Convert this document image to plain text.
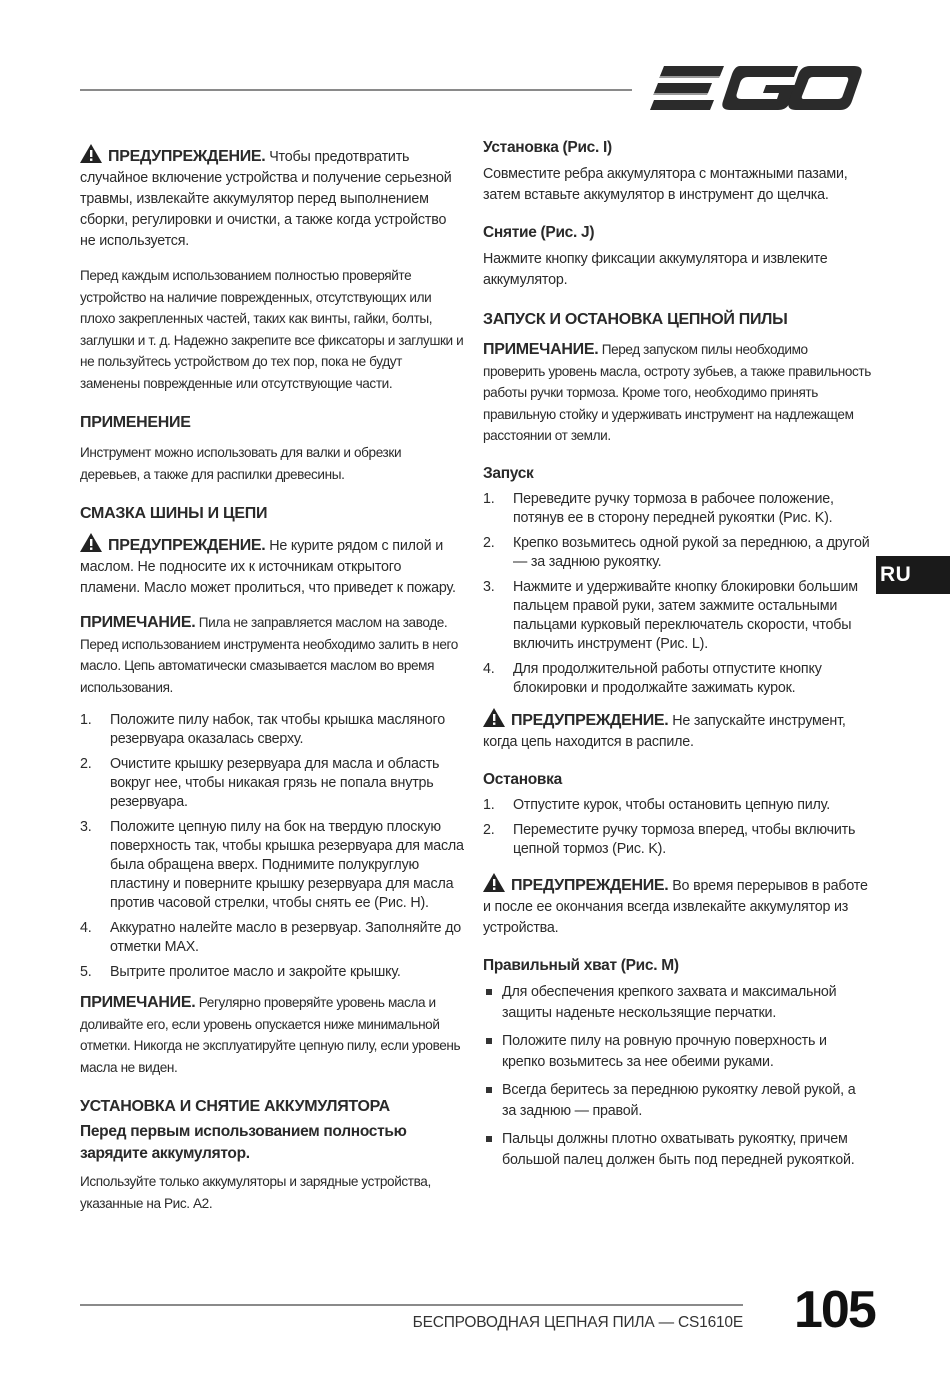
RU

ПРЕДУПРЕЖДЕНИЕ. Чтобы предотвратить случайное включение устройства и получение серьезной травмы, извлекайте аккумулятор перед выполнением сборки, регулировки и очистки, а также когда устройство не используется.

Перед каждым использованием полностью проверяйте устройство на наличие поврежденных, отсутствующих или плохо закрепленных частей, таких как винты, гайки, болты, заглушки и т. д. Надежно закрепите все фиксаторы и заглушки и не пользуйтесь устройством до тех пор, пока не будут заменены поврежденные или отсутствующие части.

ПРИМЕНЕНИЕ

Инструмент можно использовать для валки и обрезки деревьев, а также для распилки древесины.

СМАЗКА ШИНЫ И ЦЕПИ

ПРЕДУПРЕЖДЕНИЕ. Не курите рядом с пилой и маслом. Не подносите их к источникам открытого пламени. Масло может пролиться, что приведет к пожару.

ПРИМЕЧАНИЕ. Пила не заправляется маслом на заводе. Перед использованием инструмента необходимо залить в него масло. Цепь автоматически смазывается маслом во время использования.

1. Положите пилу набок, так чтобы крышка масляного резервуара оказалась сверху.
2. Очистите крышку резервуара для масла и область вокруг нее, чтобы никакая грязь не попала внутрь резервуара.
3. Положите цепную пилу на бок на твердую плоскую поверхность так, чтобы крышка резервуара для масла была обращена вверх. Поднимите полукруглую пластину и поверните крышку резервуара для масла против часовой стрелки, чтобы снять ее (Рис. H).
4. Аккуратно налейте масло в резервуар. Заполняйте до отметки MAX.
5. Вытрите пролитое масло и закройте крышку.

ПРИМЕЧАНИЕ. Регулярно проверяйте уровень масла и доливайте его, если уровень опускается ниже минимальной отметки. Никогда не эксплуатируйте цепную пилу, если уровень масла не виден.

УСТАНОВКА И СНЯТИЕ АККУМУЛЯТОРА
Перед первым использованием полностью зарядите аккумулятор.

Используйте только аккумуляторы и зарядные устройства, указанные на Рис. A2.

Установка (Рис. I)

Совместите ребра аккумулятора с монтажными пазами, затем вставьте аккумулятор в инструмент до щелчка.

Снятие (Рис. J)

Нажмите кнопку фиксации аккумулятора и извлеките аккумулятор.

ЗАПУСК И ОСТАНОВКА ЦЕПНОЙ ПИЛЫ

ПРИМЕЧАНИЕ. Перед запуском пилы необходимо проверить уровень масла, остроту зубьев, а также правильность работы ручки тормоза. Кроме того, необходимо принять правильную стойку и удерживать инструмент на надлежащем расстоянии от земли.

Запуск
1. Переведите ручку тормоза в рабочее положение, потянув ее в сторону передней рукоятки (Рис. K).
2. Крепко возьмитесь одной рукой за переднюю, а другой — за заднюю рукоятку.
3. Нажмите и удерживайте кнопку блокировки большим пальцем правой руки, затем зажмите остальными пальцами курковый переключатель скорости, чтобы включить инструмент (Рис. L).
4. Для продолжительной работы отпустите кнопку блокировки и продолжайте зажимать курок.

ПРЕДУПРЕЖДЕНИЕ. Не запускайте инструмент, когда цепь находится в распиле.

Остановка
1. Отпустите курок, чтобы остановить цепную пилу.
2. Переместите ручку тормоза вперед, чтобы включить цепной тормоз (Рис. K).

ПРЕДУПРЕЖДЕНИЕ. Во время перерывов в работе и после ее окончания всегда извлекайте аккумулятор из устройства.

Правильный хват (Рис. M)
Для обеспечения крепкого захвата и максимальной защиты наденьте нескользящие перчатки.
Положите пилу на ровную прочную поверхность и крепко возьмитесь за нее обеими руками.
Всегда беритесь за переднюю рукоятку левой рукой, а за заднюю — правой.
Пальцы должны плотно охватывать рукоятку, причем большой палец должен быть под передней рукояткой.
БЕСПРОВОДНАЯ ЦЕПНАЯ ПИЛА — CS1610E 105
